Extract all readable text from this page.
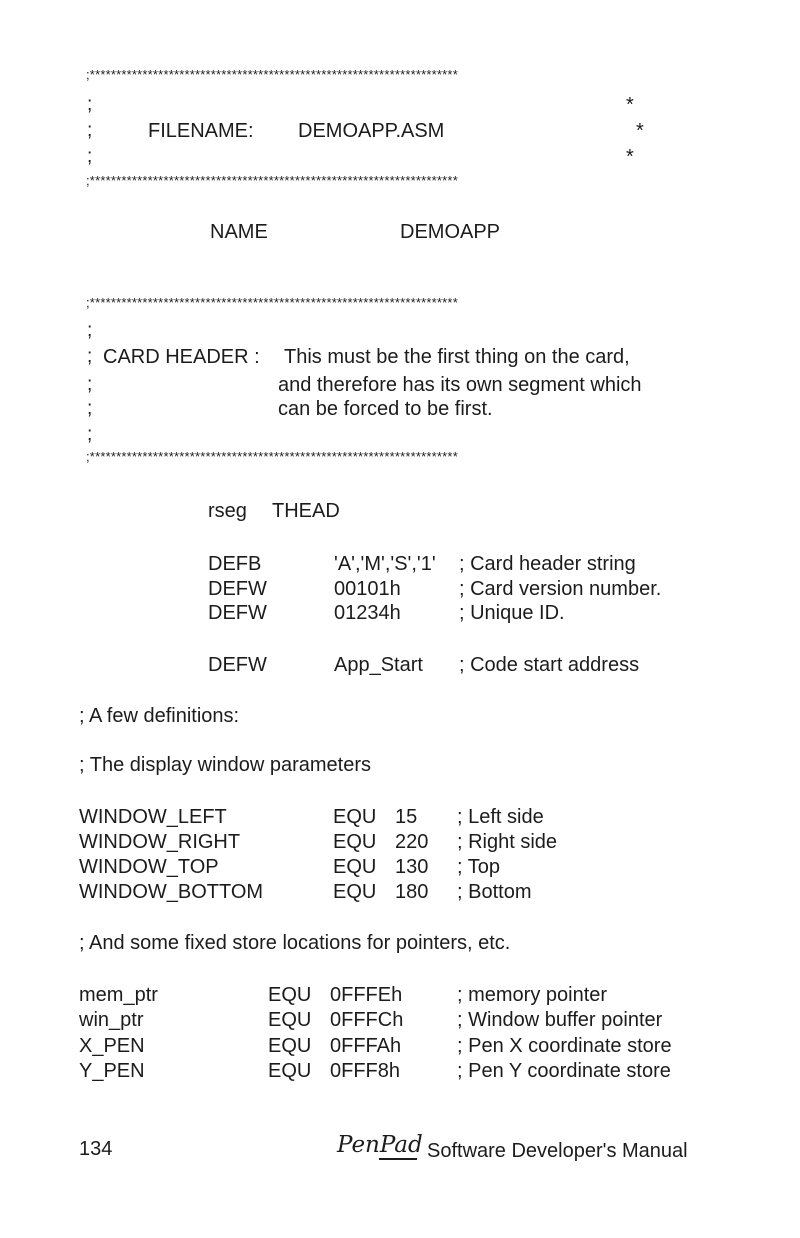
;**********************************************************************
;	*
;	FILENAME: DEMOAPP.ASM	*
;	*
;**********************************************************************
NAME	DEMOAPP
;**********************************************************************
;
; CARD HEADER : This must be the first thing on the card,
;	and therefore has its own segment which
;	can be forced to be first.
;
;**********************************************************************
rseg THEAD
DEFB	'A','M','S','1' ; Card header string
DEFW	00101h	; Card version number.
DEFW	01234h	; Unique ID.
DEFW	App_Start ; Code start address
; A few definitions:
; The display window parameters
WINDOW_LEFT	EQU 15 ; Left side
WINDOW_RIGHT	EQU 220 ; Right side
WINDOW_TOP	EQU 130 ; Top
WINDOW_BOTTOM	EQU 180 ; Bottom
; And some fixed store locations for pointers, etc.
mem_ptr	EQU 0FFFEh	; memory pointer
win_ptr	EQU 0FFFCh	; Window buffer pointer
X_PEN	EQU 0FFFAh	; Pen X coordinate store
Y_PEN	EQU 0FFF8h	; Pen Y coordinate store
134	PenPad Software Developer's Manual
